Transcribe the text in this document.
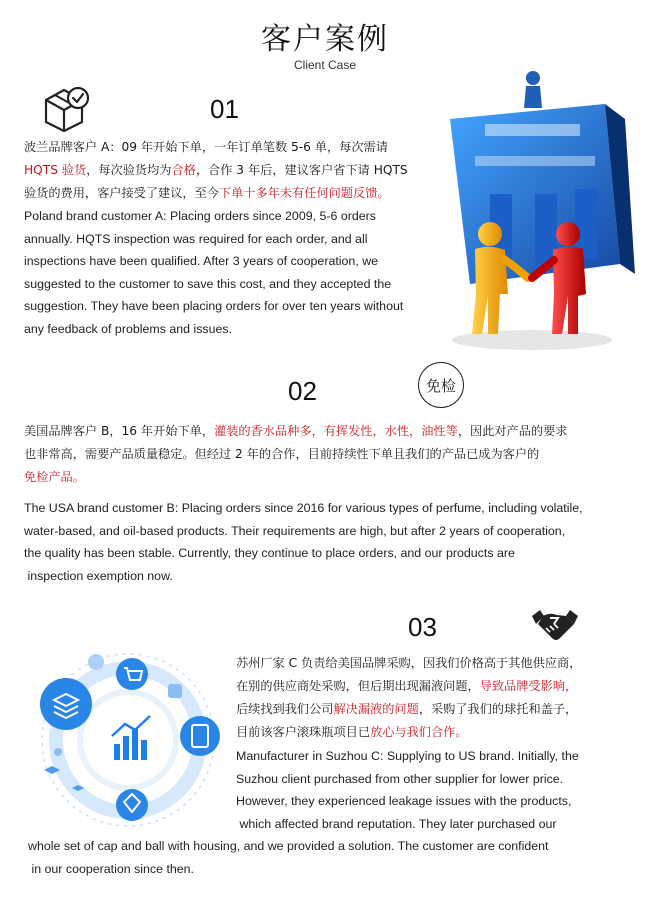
客户案例
Client Case
01
波兰品牌客户 A：09 年开始下单，一年订单笔数 5-6 单，每次需请
HQTS 验货，每次验货均为合格，合作 3 年后，建议客户省下请 HQTS
验货的费用，客户接受了建议，至今下单十多年未有任何问题反馈。
Poland brand customer A: Placing orders since 2009, 5-6 orders
annually. HQTS inspection was required for each order, and all
inspections have been qualified. After 3 years of cooperation, we
suggested to the customer to save this cost, and they accepted the
suggestion. They have been placing orders for over ten years without
any feedback of problems and issues.
赢
02	免检
美国品牌客户 B，16 年开始下单，灌装的香水品种多，有挥发性，水性，油性等，因此对产品的要求
也非常高，需要产品质量稳定。但经过 2 年的合作，目前持续性下单且我们的产品已成为客户的
免检产品。
The USA brand customer B: Placing orders since 2016 for various types of perfume, including volatile,
water-based, and oil-based products. Their requirements are high, but after 2 years of cooperation,
the quality has been stable. Currently, they continue to place orders, and our products are
inspection exemption now.
03
苏州厂家 C 负责给美国品牌采购，因我们价格高于其他供应商，
在别的供应商处采购，但后期出现漏液问题，导致品牌受影响，
后续找到我们公司解决漏液的问题，采购了我们的球托和盖子，
目前该客户滚珠瓶项目已放心与我们合作。
Manufacturer in Suzhou C: Supplying to US brand. Initially, the
Suzhou client purchased from other supplier for lower price.
However, they experienced leakage issues with the products,
which affected brand reputation. They later purchased our
whole set of cap and ball with housing, and we provided a solution. The customer are confident
in our cooperation since then.
